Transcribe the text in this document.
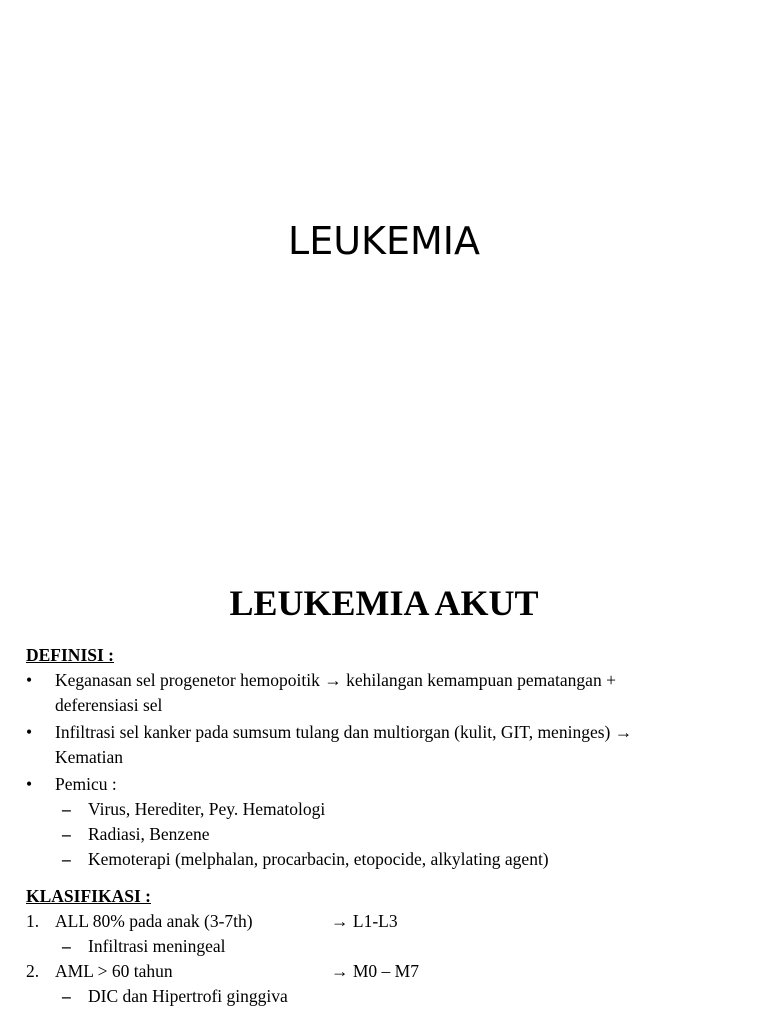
LEUKEMIA
LEUKEMIA AKUT
DEFINISI :
• Keganasan sel progenetor hemopoitik → kehilangan kemampuan pematangan +
deferensiasi sel
• Infiltrasi sel kanker pada sumsum tulang dan multiorgan (kulit, GIT, meninges) →
Kematian
• Pemicu :
– Virus, Herediter, Pey. Hematologi
– Radiasi, Benzene
– Kemoterapi (melphalan, procarbacin, etopocide, alkylating agent)
KLASIFIKASI :
1. ALL 80% pada anak (3-7th)	→ L1-L3
– Infiltrasi meningeal
2. AML > 60 tahun	→ M0 – M7
– DIC dan Hipertrofi ginggiva
